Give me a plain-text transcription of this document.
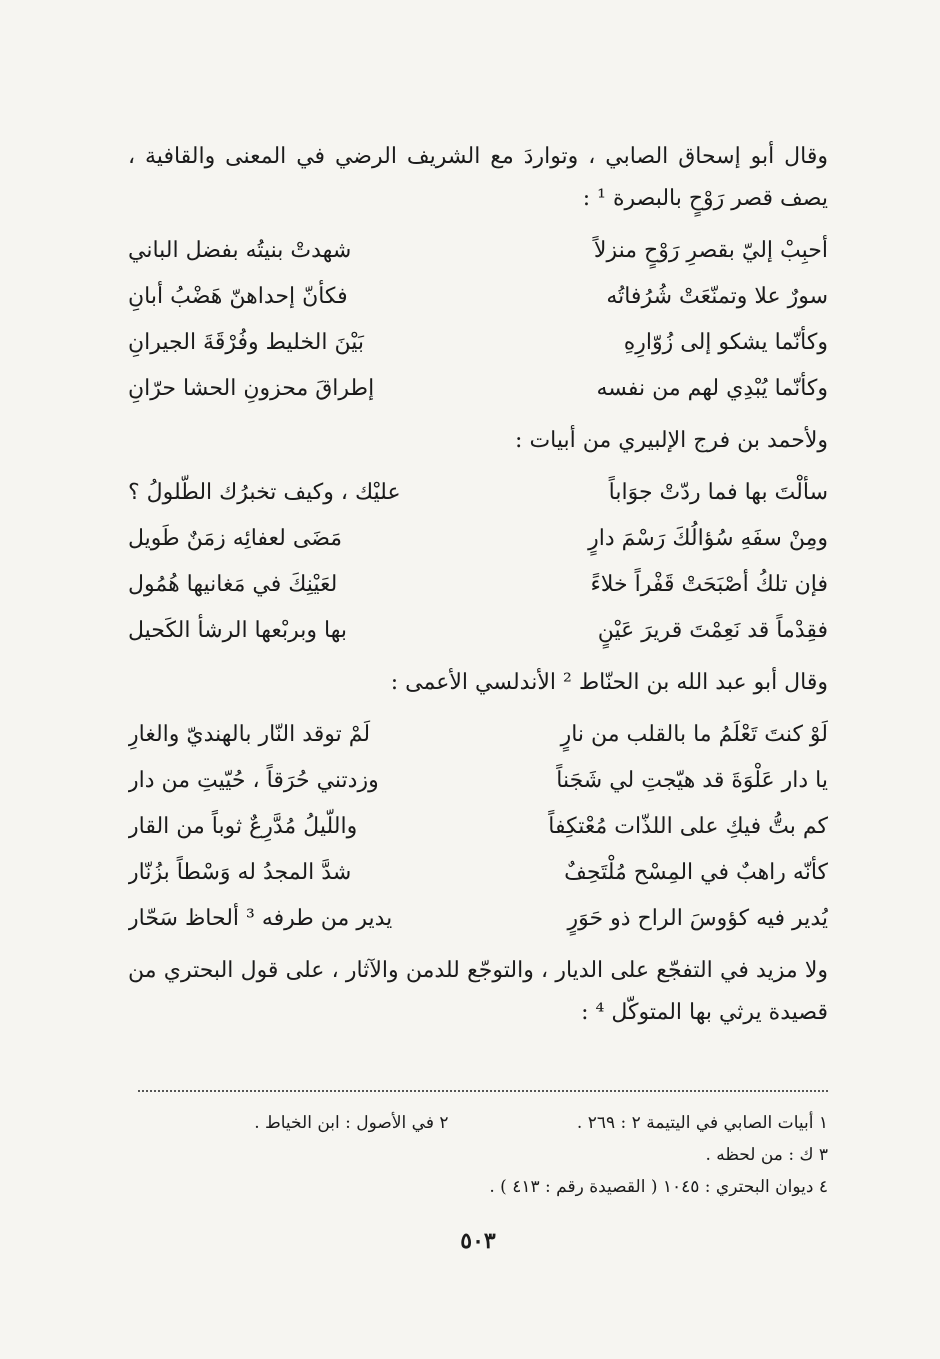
وقال أبو إسحاق الصابي ، وتواردَ مع الشريف الرضي في المعنى والقافية ، يصف قصر رَوْحٍ بالبصرة ¹ :

أحبِبْ إليّ بقصرِ رَوْحٍ منزلاً
شهدتْ بنيتُه بفضل الباني
سورٌ علا وتمنّعَتْ شُرُفاتُه
فكأنّ إحداهنّ هَضْبُ أبانِ
وكأنّما يشكو إلى زُوّارِهِ
بَيْنَ الخليط وفُرْقَةَ الجيرانِ
وكأنّما يُبْدِي لهم من نفسه
إطراقَ محزونِ الحشا حرّانِ

ولأحمد بن فرج الإلبيري من أبيات :

سألْتَ بها فما ردّتْ جوَاباً
عليْك ، وكيف تخبرُك الطّلولُ ؟
ومِنْ سفَهِ سُؤالُكَ رَسْمَ دارٍ
مَضَى لعفائِه زمَنٌ طَويل
فإن تلكُ أصْبَحَتْ قَفْراً خلاءً
لعَيْنِكَ في مَغانيها هُمُول
فقِدْماً قد نَعِمْتَ قريرَ عَيْنٍ
بها وبربْعها الرشأ الكَحيل

وقال أبو عبد الله بن الحنّاط ² الأندلسي الأعمى :

لَوْ كنتَ تَعْلَمُ ما بالقلب من نارٍ
لَمْ توقد النّار بالهنديّ والغارِ
يا دار عَلْوَةَ قد هيّجتِ لي شَجَناً
وزدتني حُرَقاً ، حُيّيتِ من دار
كم بتُّ فيكِ على اللذّات مُعْتكِفاً
واللّيلُ مُدَّرِعٌ ثوباً من القار
كأنّه راهبٌ في المِسْح مُلْتَحِفٌ
شدَّ المجدُ له وَسْطاً بزُنّار
يُدير فيه كؤوسَ الراح ذو حَوَرٍ
يدير من طرفه ³ ألحاظ سَحّار

ولا مزيد في التفجّع على الديار ، والتوجّع للدمن والآثار ، على قول البحتري من قصيدة يرثي بها المتوكّل ⁴ :

١ أبيات الصابي في اليتيمة ٢ : ٢٦٩ .
٢ في الأصول : ابن الخياط .
٣ ك : من لحظه .
٤ ديوان البحتري : ١٠٤٥ ( القصيدة رقم : ٤١٣ ) .
٥٠٣
